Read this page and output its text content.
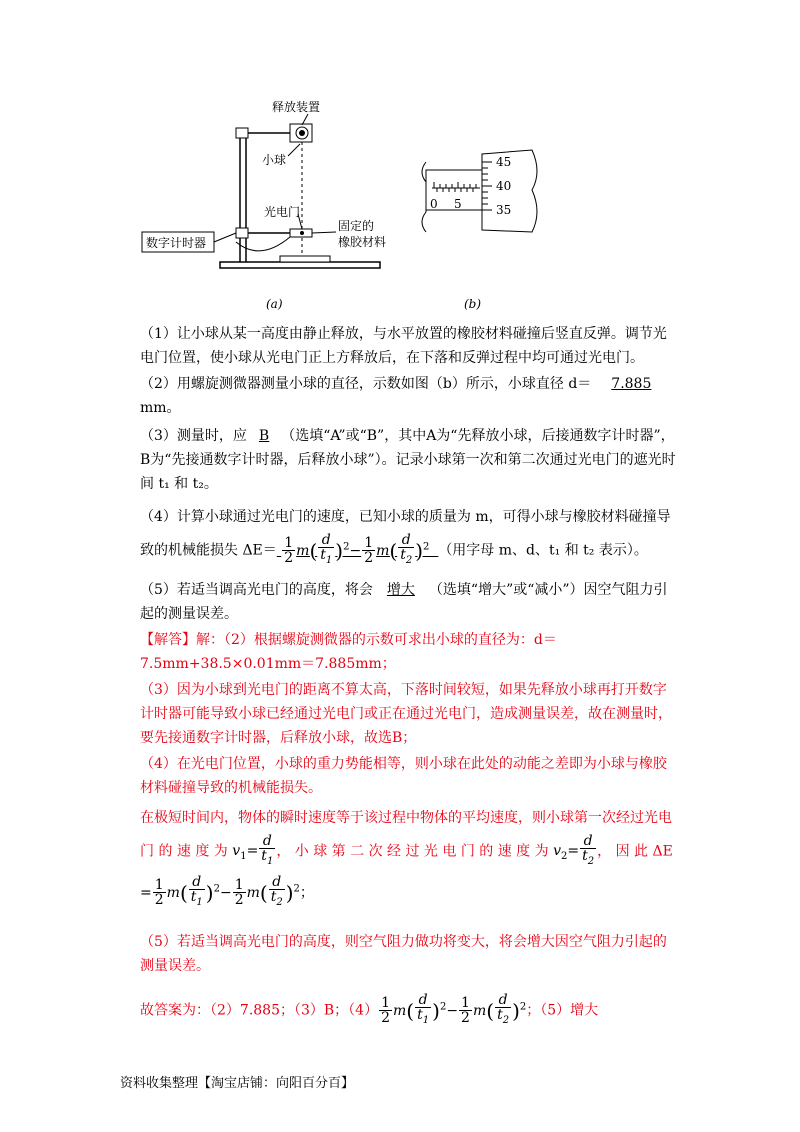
释放装置
小球
光电门
数字计时器
固定的
橡胶材料
(a)
45
40
35
0 5
(b)
（1）让小球从某一高度由静止释放，与水平放置的橡胶材料碰撞后竖直反弹。调节光电门位置，使小球从光电门正上方释放后，在下落和反弹过程中均可通过光电门。
（2）用螺旋测微器测量小球的直径，示数如图（b）所示，小球直径 d＝ 7.885
mm。
（3）测量时，应 B （选填“A”或“B”，其中A为“先释放小球，后接通数字计时器”，B为“先接通数字计时器，后释放小球”）。记录小球第一次和第二次通过光电门的遮光时间 t₁ 和 t₂。
（4）计算小球通过光电门的速度，已知小球的质量为 m，可得小球与橡胶材料碰撞导致的机械能损失 $\Delta E= \frac{1}{2} m( \frac{d}{t_1} )^2- \frac{1}{2} m( \frac{d}{t_2} )^2$ （用字母 m、d、t₁ 和 t₂ 表示）。
（5）若适当调高光电门的高度，将会 增大 （选填“增大”或“减小”）因空气阻力引起的测量误差。
【解答】解：（2）根据螺旋测微器的示数可求出小球的直径为：d＝7.5mm+38.5×0.01mm＝7.885mm；
（3）因为小球到光电门的距离不算太高，下落时间较短，如果先释放小球再打开数字计时器可能导致小球已经通过光电门或正在通过光电门，造成测量误差，故在测量时，要先接通数字计时器，后释放小球，故选B；
（4）在光电门位置，小球的重力势能相等，则小球在此处的动能之差即为小球与橡胶材料碰撞导致的机械能损失。
在极短时间内，物体的瞬时速度等于该过程中物体的平均速度，则小球第一次经过光电
门 的 速 度 为 $v_1= \frac{d}{t_1}$ ， 小 球 第 二 次 经 过 光 电 门 的 速 度 为 $v_2= \frac{d}{t_2}$ ， 因 此 ΔE
= $\frac{1}{2} m( \frac{d}{t_1} )^2- \frac{1}{2} m( \frac{d}{t_2} )^2$；
（5）若适当调高光电门的高度，则空气阻力做功将变大，将会增大因空气阻力引起的测量误差。
故答案为：（2）7.885；（3）B；$(4) \frac{1}{2} m( \frac{d}{t_1} )^2- \frac{1}{2} m( \frac{d}{t_2} )^2$；（5）增大
资料收集整理【淘宝店铺：向阳百分百】
